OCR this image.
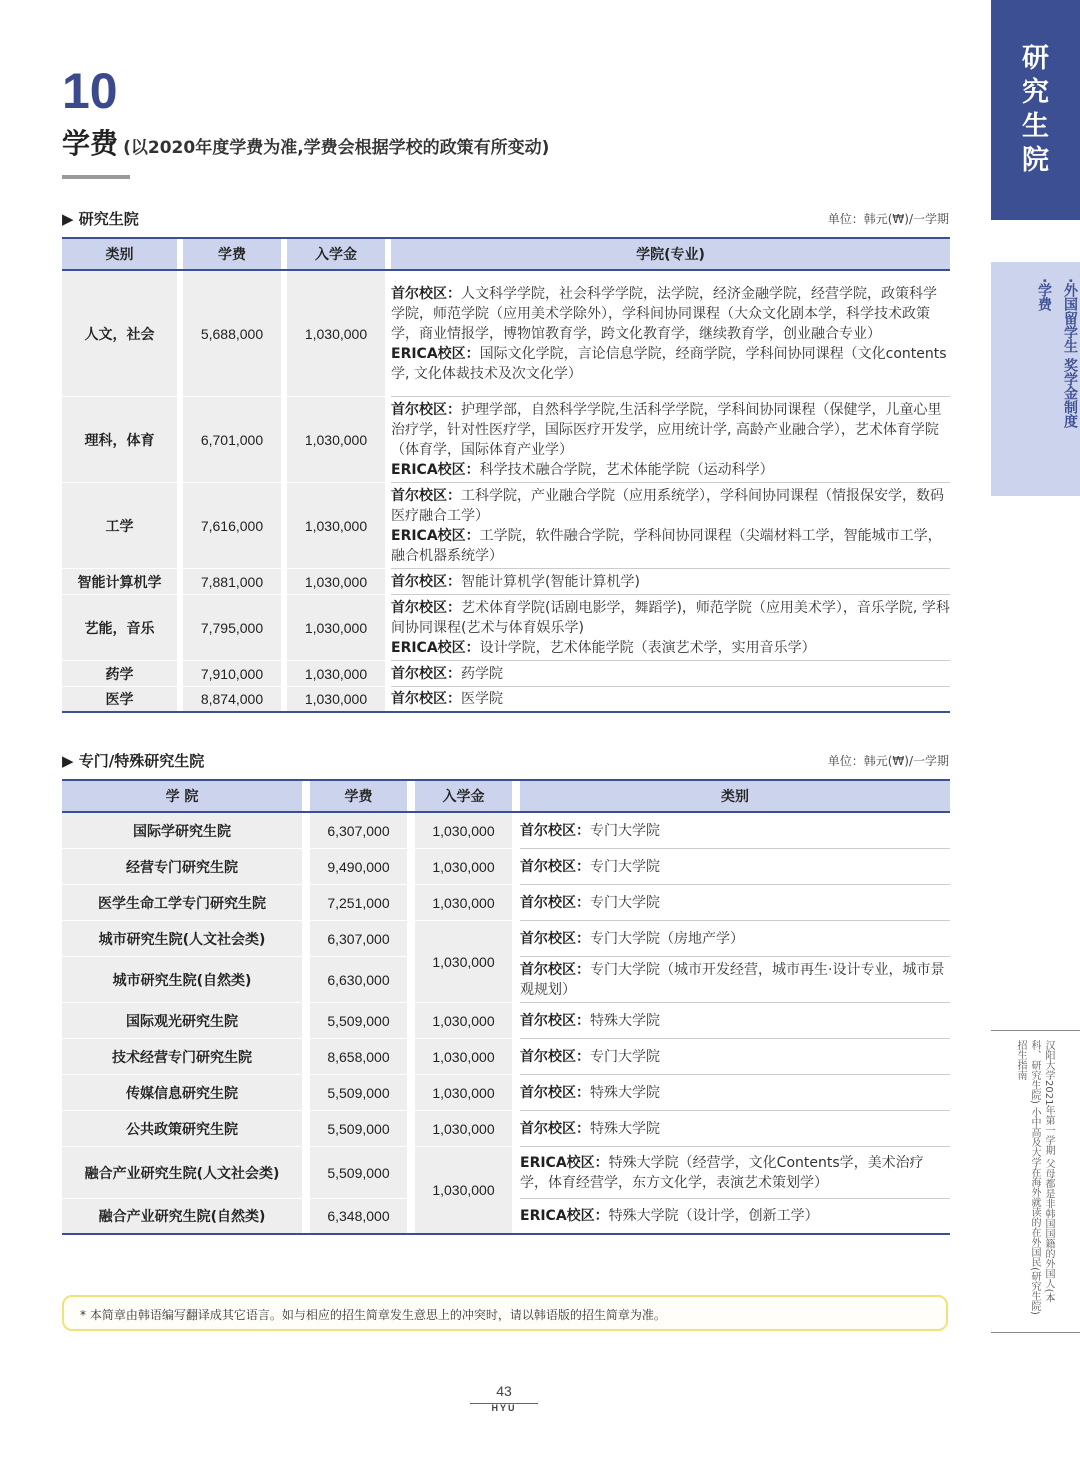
10
学费 (以2020年度学费为准,学费会根据学校的政策有所变动)
研
究
生
院
·外国留学生 奖学金制度
·学费
汉阳大学2021年第一学期 父母都是非韩国国籍的外国人(本科、研究生院) 小中高及大学在海外就读的在外国民(研究生院)招生指南
▶ 研究生院	单位：韩元(₩)/一学期
类别		学费		入学金		学院(专业)
人文，社会		5,688,000		1,030,000		首尔校区：人文科学学院，社会科学学院，法学院，经济金融学院，经营学院，政策科学学院，师范学院（应用美术学除外），学科间协同课程（大众文化剧本学，科学技术政策学，商业情报学，博物馆教育学，跨文化教育学，继续教育学，创业融合专业）
ERICA校区：国际文化学院，言论信息学院，经商学院，学科间协同课程（文化contents学, 文化体裁技术及次文化学）

理科，体育		6,701,000		1,030,000		首尔校区：护理学部，自然科学学院,生活科学学院，学科间协同课程（保健学，儿童心里治疗学，针对性医疗学，国际医疗开发学，应用统计学, 高龄产业融合学），艺术体育学院（体育学，国际体育产业学）
ERICA校区：科学技术融合学院，艺术体能学院（运动科学）

工学		7,616,000		1,030,000		首尔校区：工科学院，产业融合学院（应用系统学），学科间协同课程（情报保安学，数码医疗融合工学）
ERICA校区：工学院，软件融合学院，学科间协同课程（尖端材料工学，智能城市工学，融合机器系统学）

智能计算机学		7,881,000		1,030,000		首尔校区：智能计算机学(智能计算机学)

艺能，音乐		7,795,000		1,030,000		首尔校区：艺术体育学院(话剧电影学，舞蹈学)，师范学院（应用美术学），音乐学院, 学科间协同课程(艺术与体育娱乐学)
ERICA校区：设计学院，艺术体能学院（表演艺术学，实用音乐学）

药学		7,910,000		1,030,000		首尔校区：药学院

医学		8,874,000		1,030,000		首尔校区：医学院
▶ 专门/特殊研究生院	单位：韩元(₩)/一学期
学 院		学费		入学金		类别
国际学研究生院		6,307,000		1,030,000		首尔校区：专门大学院
经营专门研究生院		9,490,000		1,030,000		首尔校区：专门大学院
医学生命工学专门研究生院		7,251,000		1,030,000		首尔校区：专门大学院
城市研究生院(人文社会类)		6,307,000		1,030,000		首尔校区：专门大学院（房地产学）
城市研究生院(自然类)		6,630,000				首尔校区：专门大学院（城市开发经营，城市再生·设计专业，城市景观规划）
国际观光研究生院		5,509,000		1,030,000		首尔校区：特殊大学院
技术经营专门研究生院		8,658,000		1,030,000		首尔校区：专门大学院
传媒信息研究生院		5,509,000		1,030,000		首尔校区：特殊大学院
公共政策研究生院		5,509,000		1,030,000		首尔校区：特殊大学院
融合产业研究生院(人文社会类)		5,509,000		1,030,000		ERICA校区：特殊大学院（经营学，文化Contents学，美术治疗学，体育经营学，东方文化学，表演艺术策划学）
融合产业研究生院(自然类)		6,348,000				ERICA校区：特殊大学院（设计学，创新工学）
* 本简章由韩语编写翻译成其它语言。如与相应的招生简章发生意思上的冲突时，请以韩语版的招生简章为准。
43
HYU
